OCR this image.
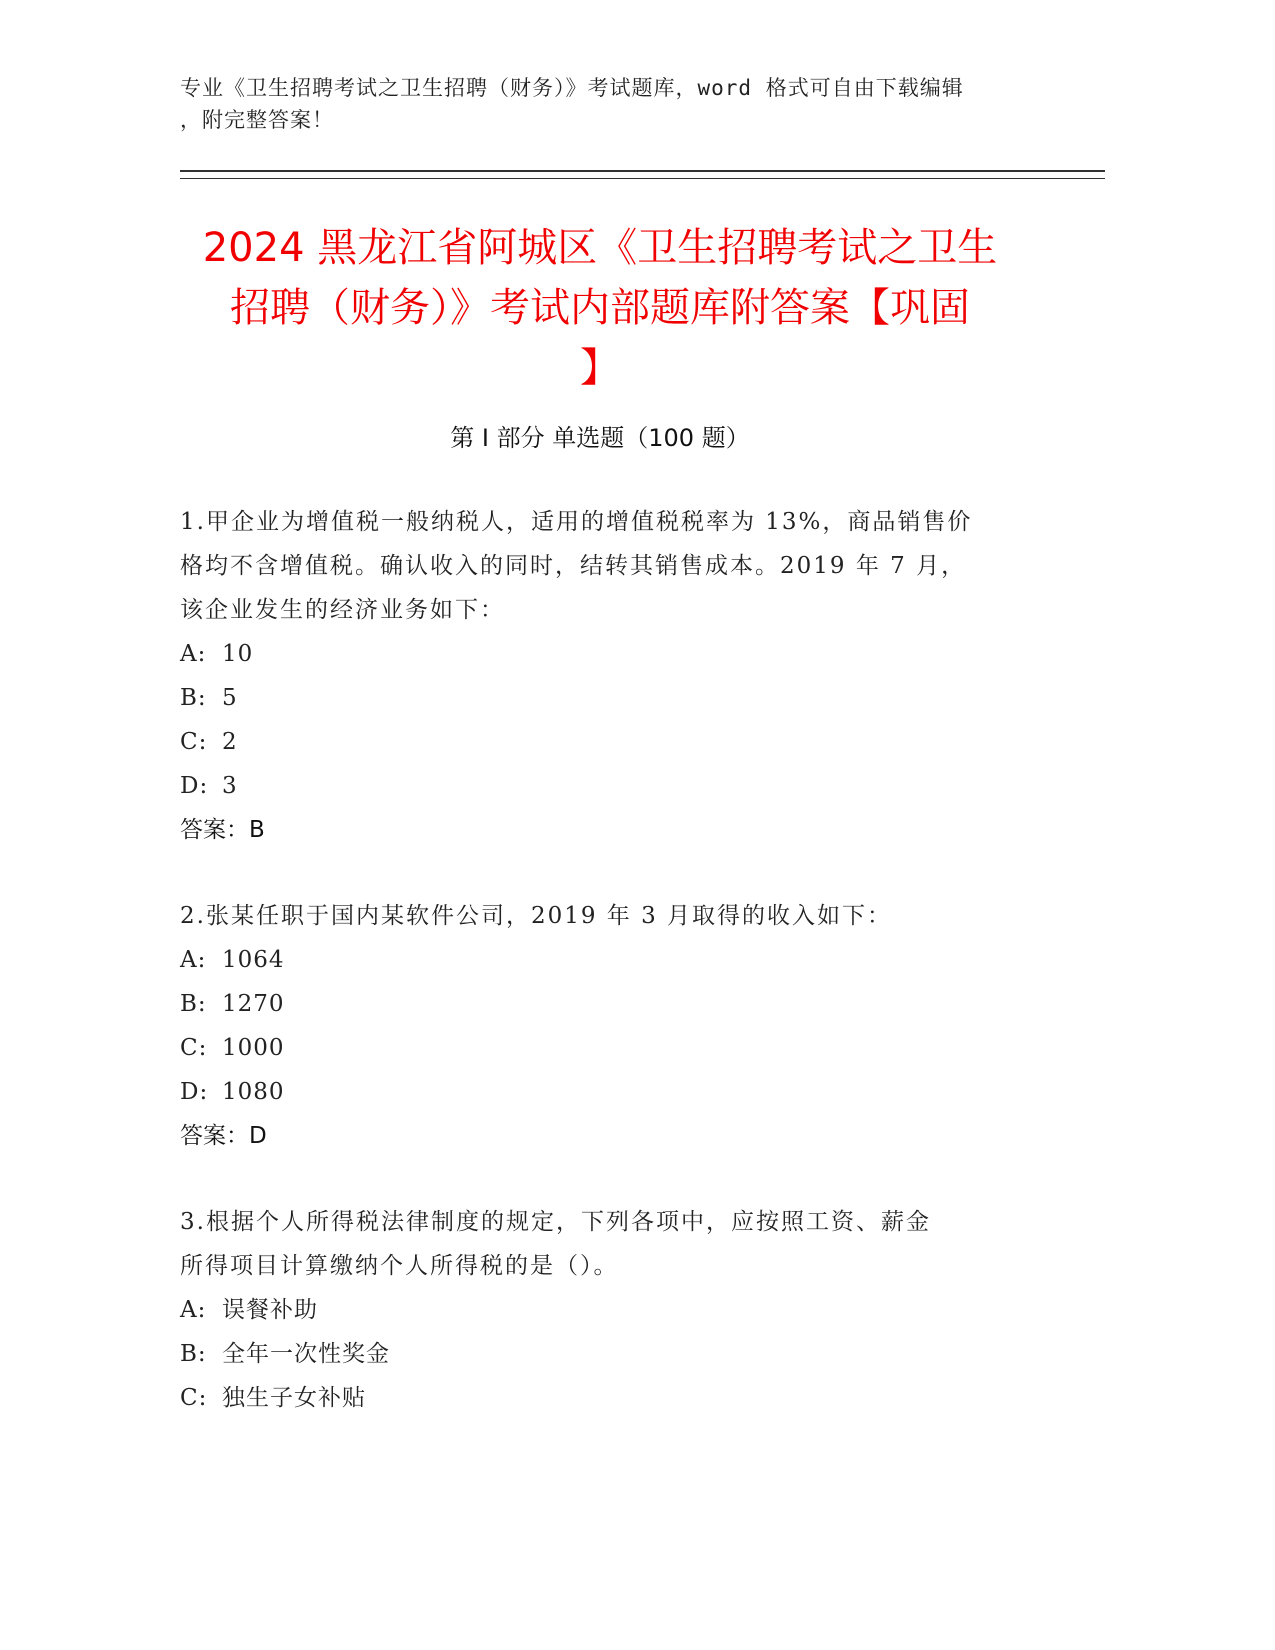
专业《卫生招聘考试之卫生招聘（财务）》考试题库，word 格式可自由下载编辑
，附完整答案！
2024 黑龙江省阿城区《卫生招聘考试之卫生
招聘（财务）》考试内部题库附答案【巩固
】
第 I 部分 单选题（100 题）
1.甲企业为增值税一般纳税人，适用的增值税税率为 13%，商品销售价
格均不含增值税。确认收入的同时，结转其销售成本。2019 年 7 月，
该企业发生的经济业务如下：
A: 10
B: 5
C: 2
D: 3
答案：B
2.张某任职于国内某软件公司，2019 年 3 月取得的收入如下：
A: 1064
B: 1270
C: 1000
D: 1080
答案：D
3.根据个人所得税法律制度的规定，下列各项中，应按照工资、薪金
所得项目计算缴纳个人所得税的是（）。
A: 误餐补助
B: 全年一次性奖金
C: 独生子女补贴
